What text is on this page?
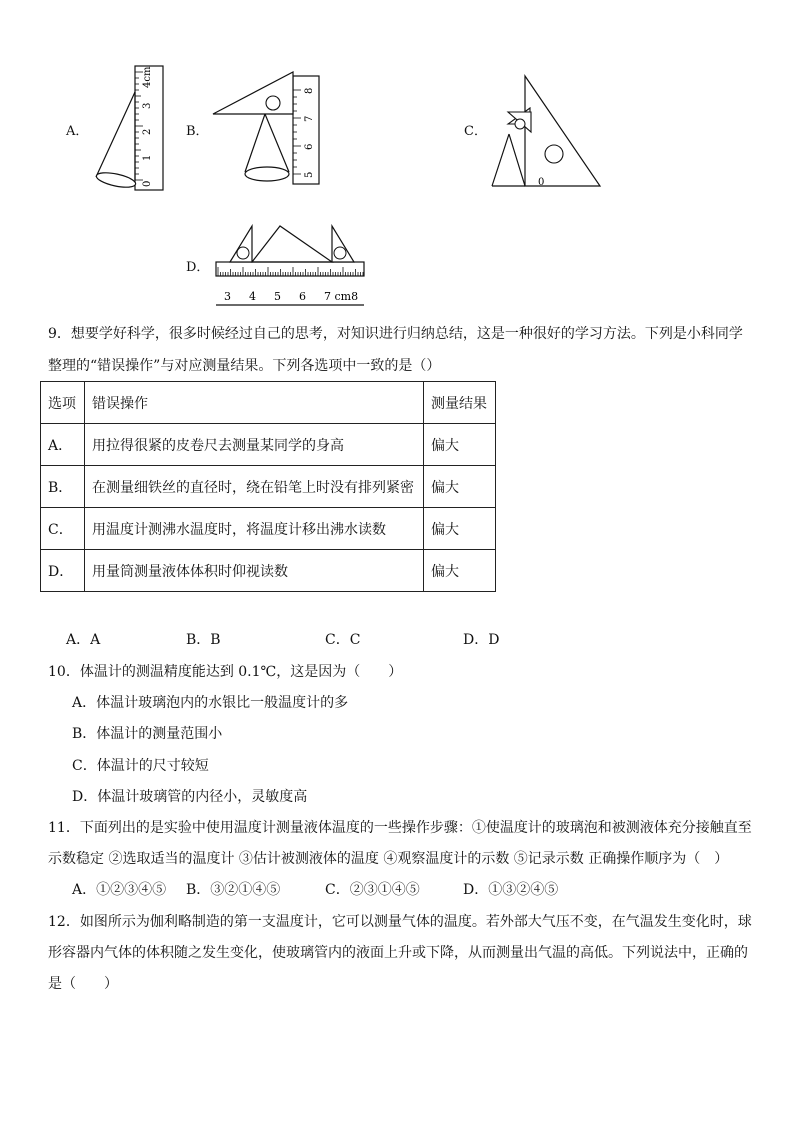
A．
0
1
2
3
4cm
B．
5
6
7
8
C．
0
D．
3 4 5 6 7 cm8
9．想要学好科学，很多时候经过自己的思考，对知识进行归纳总结，这是一种很好的学习方法。下列是小科同学
整理的“错误操作”与对应测量结果。下列各选项中一致的是（）
选项	错误操作	测量结果
A．	用拉得很紧的皮卷尺去测量某同学的身高	偏大
B．	在测量细铁丝的直径时，绕在铅笔上时没有排列紧密	偏大
C．	用温度计测沸水温度时，将温度计移出沸水读数	偏大
D．	用量筒测量液体体积时仰视读数	偏大
A．A	B．B	C．C	D．D
10．体温计的测温精度能达到 0.1℃，这是因为（　　）
A．体温计玻璃泡内的水银比一般温度计的多
B．体温计的测量范围小
C．体温计的尺寸较短
D．体温计玻璃管的内径小，灵敏度高
11．下面列出的是实验中使用温度计测量液体温度的一些操作步骤：①使温度计的玻璃泡和被测液体充分接触直至
示数稳定 ②选取适当的温度计 ③估计被测液体的温度 ④观察温度计的示数 ⑤记录示数 正确操作顺序为（　）
A．①②③④⑤ B．③②①④⑤	C．②③①④⑤	D．①③②④⑤
12．如图所示为伽利略制造的第一支温度计，它可以测量气体的温度。若外部大气压不变，在气温发生变化时，球
形容器内气体的体积随之发生变化，使玻璃管内的液面上升或下降，从而测量出气温的高低。下列说法中，正确的
是（　　）
